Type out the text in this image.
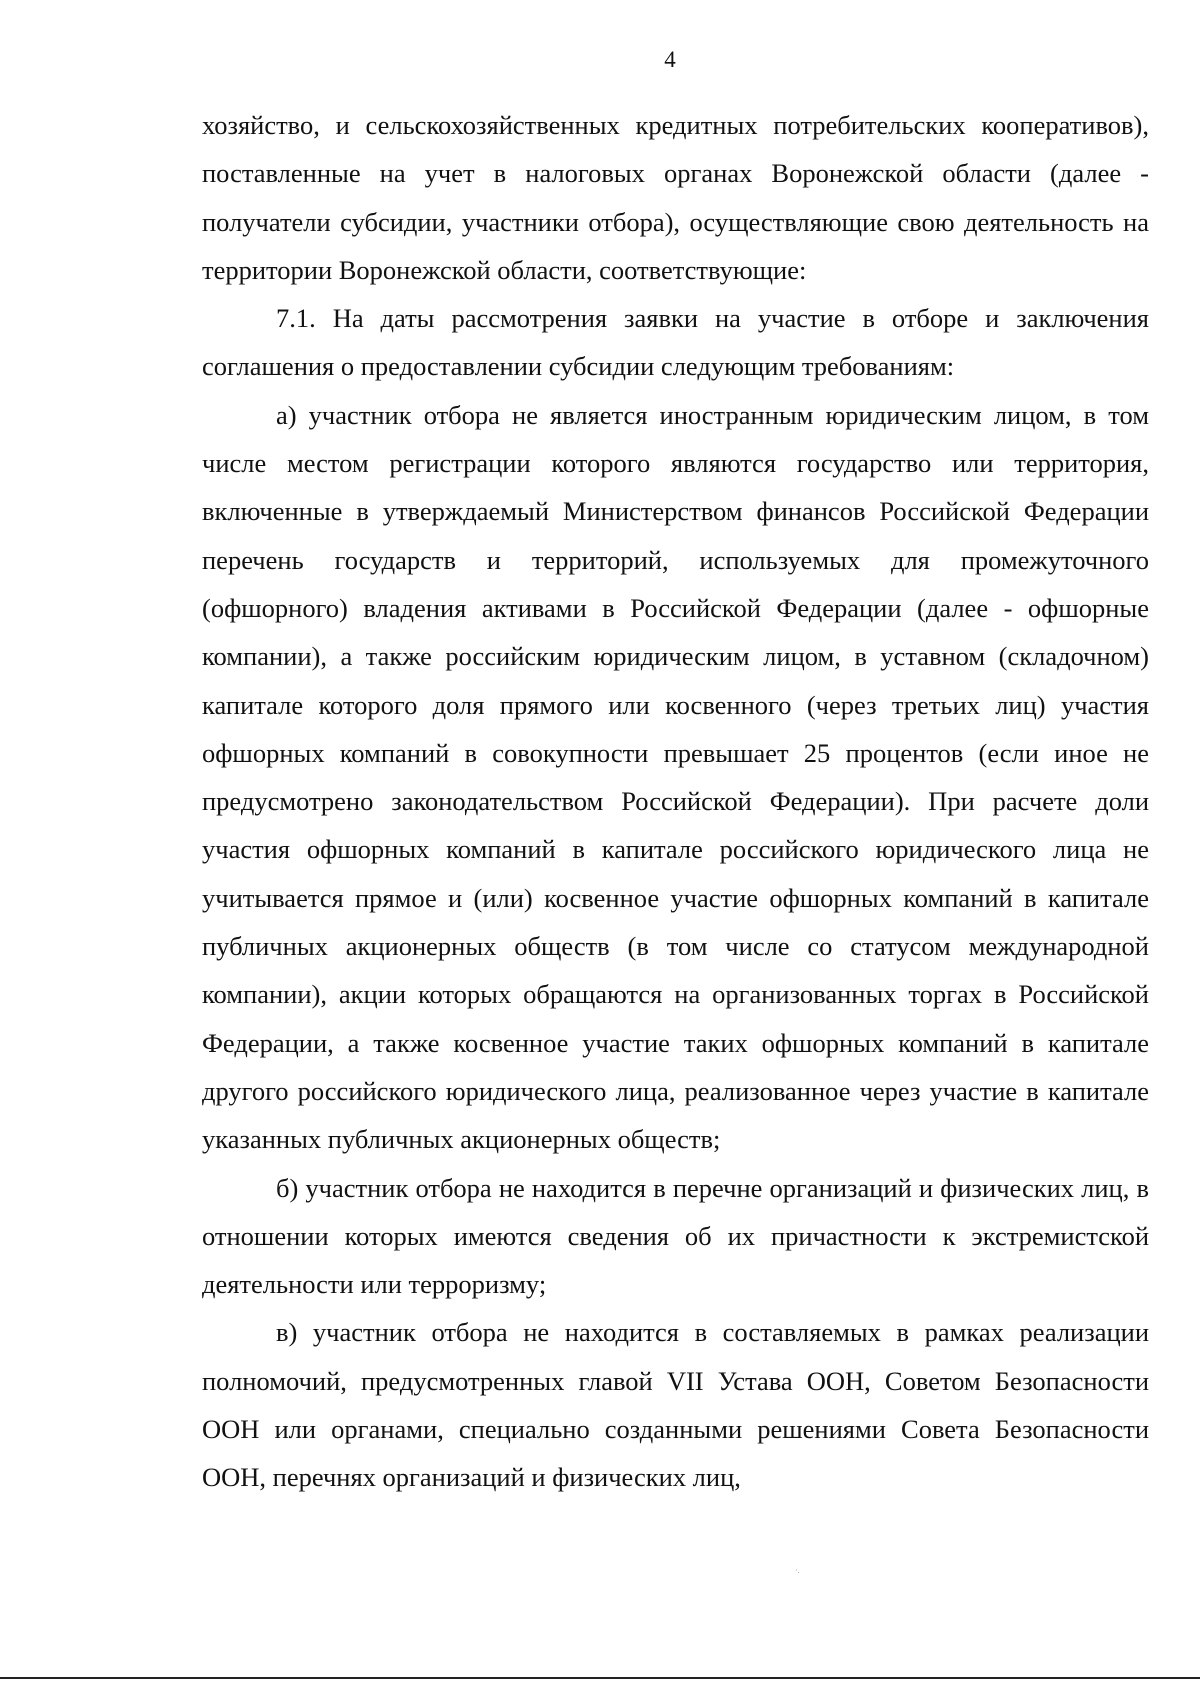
4

хозяйство, и сельскохозяйственных кредитных потребительских кооперативов), поставленные на учет в налоговых органах Воронежской области (далее - получатели субсидии, участники отбора), осуществляющие свою деятельность на территории Воронежской области, соответствующие:

7.1. На даты рассмотрения заявки на участие в отборе и заключения соглашения о предоставлении субсидии следующим требованиям:

а) участник отбора не является иностранным юридическим лицом, в том числе местом регистрации которого являются государство или территория, включенные в утверждаемый Министерством финансов Российской Федерации перечень государств и территорий, используемых для промежуточного (офшорного) владения активами в Российской Федерации (далее - офшорные компании), а также российским юридическим лицом, в уставном (складочном) капитале которого доля прямого или косвенного (через третьих лиц) участия офшорных компаний в совокупности превышает 25 процентов (если иное не предусмотрено законодательством Российской Федерации). При расчете доли участия офшорных компаний в капитале российского юридического лица не учитывается прямое и (или) косвенное участие офшорных компаний в капитале публичных акционерных обществ (в том числе со статусом международной компании), акции которых обращаются на организованных торгах в Российской Федерации, а также косвенное участие таких офшорных компаний в капитале другого российского юридического лица, реализованное через участие в капитале указанных публичных акционерных обществ;

б) участник отбора не находится в перечне организаций и физических лиц, в отношении которых имеются сведения об их причастности к экстремистской деятельности или терроризму;

в) участник отбора не находится в составляемых в рамках реализации полномочий, предусмотренных главой VII Устава ООН, Советом Безопасности ООН или органами, специально созданными решениями Совета Безопасности ООН, перечнях организаций и физических лиц,

·.
